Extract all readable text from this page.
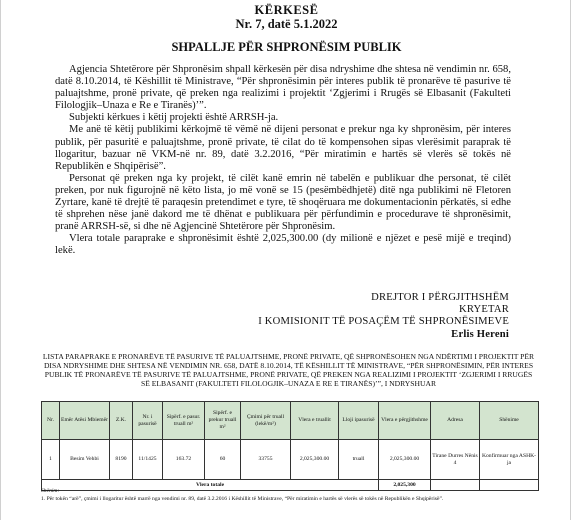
KËRKESË
Nr. 7, datë 5.1.2022
SHPALLJE PËR SHPRONËSIM PUBLIK

Agjencia Shtetërore për Shpronësim shpall kërkesën për disa ndryshime dhe shtesa në vendimin nr. 658, datë 8.10.2014, të Këshillit të Ministrave, “Për shpronësimin për interes publik të pronarëve të pasurive të paluajtshme, pronë private, që preken nga realizimi i projektit ‘Zgjerimi i Rrugës së Elbasanit (Fakulteti Filologjik–Unaza e Re e Tiranës)’”.

Subjekti kërkues i këtij projekti është ARRSH-ja.

Me anë të këtij publikimi kërkojmë të vëmë në dijeni personat e prekur nga ky shpronësim, për interes publik, për pasuritë e paluajtshme, pronë private, të cilat do të kompensohen sipas vlerësimit paraprak të llogaritur, bazuar në VKM-në nr. 89, datë 3.2.2016, “Për miratimin e hartës së vlerës së tokës në Republikën e Shqipërisë”.

Personat që preken nga ky projekt, të cilët kanë emrin në tabelën e publikuar dhe personat, të cilët preken, por nuk figurojnë në këto lista, jo më vonë se 15 (pesëmbëdhjetë) ditë nga publikimi në Fletoren Zyrtare, kanë të drejtë të paraqesin pretendimet e tyre, të shoqëruara me dokumentacionin përkatës, si edhe të shprehen nëse janë dakord me të dhënat e publikuara për përfundimin e procedurave të shpronësimit, pranë ARRSH-së, si dhe në Agjencinë Shtetërore për Shpronësim.

Vlera totale paraprake e shpronësimit është 2,025,300.00 (dy milionë e njëzet e pesë mijë e treqind) lekë.

DREJTOR I PËRGJITHSHËM
KRYETAR
I KOMISIONIT TË POSAÇËM TË SHPRONËSIMEVE
Erlis Hereni
LISTA PARAPRAKE E PRONARËVE TË PASURIVE TË PALUAJTSHME, PRONË PRIVATE, QË SHPRONËSOHEN NGA NDËRTIMI I PROJEKTIT PËR DISA NDRYSHIME DHE SHTESA NË VENDIMIN NR. 658, DATË 8.10.2014, TË KËSHILLIT TË MINISTRAVE, “PËR SHPRONËSIMIN, PËR INTERES PUBLIK TË PRONARËVE TË PASURIVE TË PALUAJTSHME, PRONË PRIVATE, QË PREKEN NGA REALIZIMI I PROJEKTIT ‘ZGJERIMI I RRUGËS SË ELBASANIT (FAKULTETI FILOLOGJIK–UNAZA E RE E TIRANËS)’”, I NDRYSHUAR
Nr.	Emër Atësi Mbiemër	Z.K.	Nr. i pasurisë	Sipërf. e pasur. truall m²	Sipërf. e prekur truall m²	Çmimi për truall (lekë/m²)	Vlera e truallit	Lloji ipasurisë	Vlera e përgjithshme	Adresa	Shënime
1	Besim Vehbi	8190	11/1425	163.72	60	33755	2,025,300.00	truall	2,025,300.00	Tirane Durres Nënis 4	Konfirmuar nga ASHK-ja
Vlera totale									2,025,300		
Shënim:
1. Për tokën “arë”, çmimi i llogaritur është marrë nga vendimi nr. 89, datë 3.2.2016 i Këshillit të Ministrave, “Për miratimin e hartës së vlerës së tokës në Republikën e Shqipërisë”.
